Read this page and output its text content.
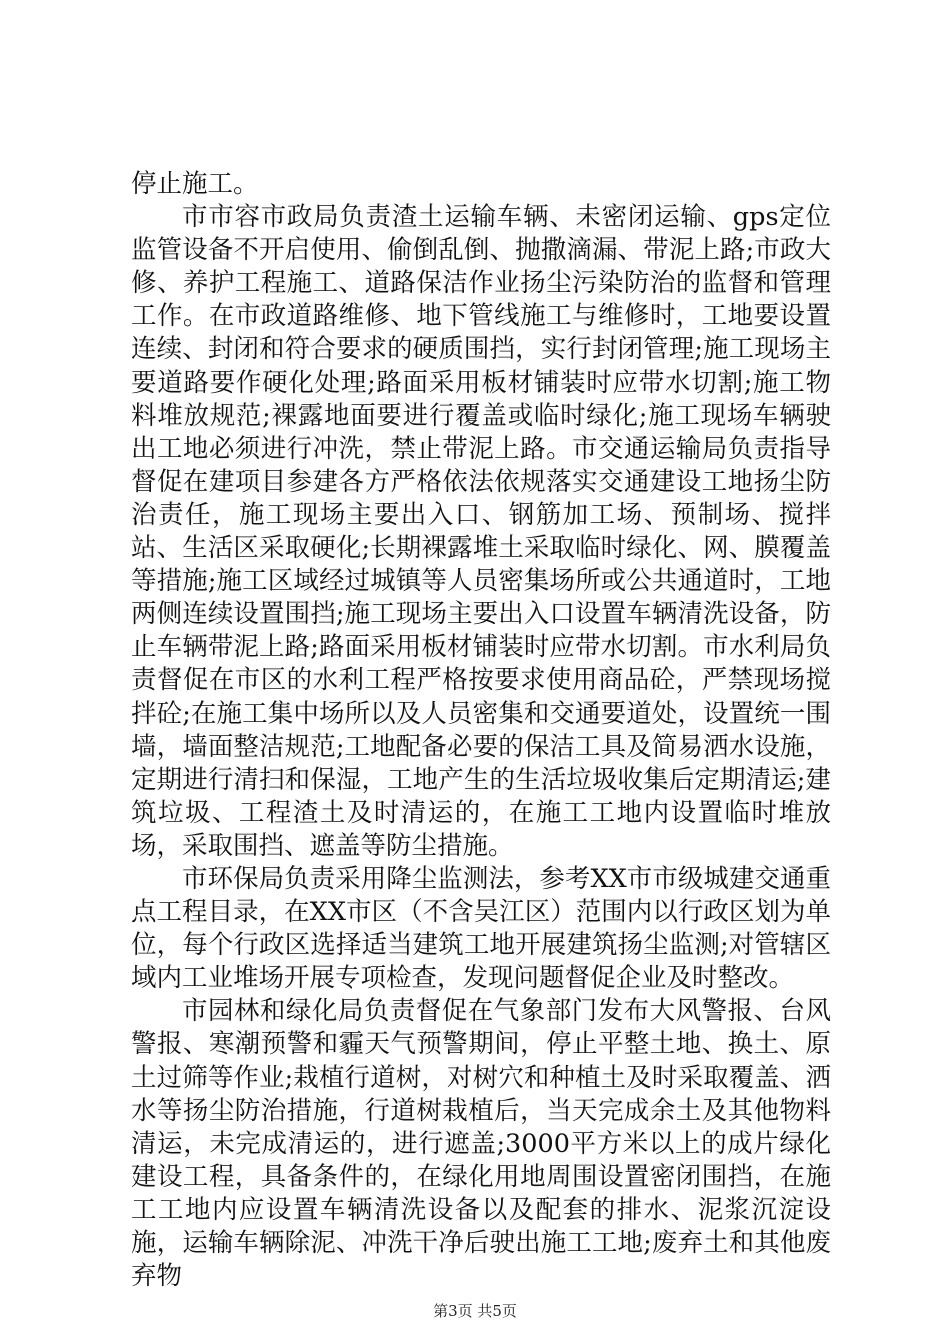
停止施工。

市市容市政局负责渣土运输车辆、未密闭运输、gps定位监管设备不开启使用、偷倒乱倒、抛撒滴漏、带泥上路;市政大修、养护工程施工、道路保洁作业扬尘污染防治的监督和管理工作。在市政道路维修、地下管线施工与维修时，工地要设置连续、封闭和符合要求的硬质围挡，实行封闭管理;施工现场主要道路要作硬化处理;路面采用板材铺装时应带水切割;施工物料堆放规范;裸露地面要进行覆盖或临时绿化;施工现场车辆驶出工地必须进行冲洗，禁止带泥上路。市交通运输局负责指导督促在建项目参建各方严格依法依规落实交通建设工地扬尘防治责任，施工现场主要出入口、钢筋加工场、预制场、搅拌站、生活区采取硬化;长期裸露堆土采取临时绿化、网、膜覆盖等措施;施工区域经过城镇等人员密集场所或公共通道时，工地两侧连续设置围挡;施工现场主要出入口设置车辆清洗设备，防止车辆带泥上路;路面采用板材铺装时应带水切割。市水利局负责督促在市区的水利工程严格按要求使用商品砼，严禁现场搅拌砼;在施工集中场所以及人员密集和交通要道处，设置统一围墙，墙面整洁规范;工地配备必要的保洁工具及简易洒水设施，定期进行清扫和保湿，工地产生的生活垃圾收集后定期清运;建筑垃圾、工程渣土及时清运的，在施工工地内设置临时堆放场，采取围挡、遮盖等防尘措施。

市环保局负责采用降尘监测法，参考XX市市级城建交通重点工程目录，在XX市区（不含吴江区）范围内以行政区划为单位，每个行政区选择适当建筑工地开展建筑扬尘监测;对管辖区域内工业堆场开展专项检查，发现问题督促企业及时整改。

市园林和绿化局负责督促在气象部门发布大风警报、台风警报、寒潮预警和霾天气预警期间，停止平整土地、换土、原土过筛等作业;栽植行道树，对树穴和种植土及时采取覆盖、洒水等扬尘防治措施，行道树栽植后，当天完成余土及其他物料清运，未完成清运的，进行遮盖;3000平方米以上的成片绿化建设工程，具备条件的，在绿化用地周围设置密闭围挡，在施工工地内应设置车辆清洗设备以及配套的排水、泥浆沉淀设施，运输车辆除泥、冲洗干净后驶出施工工地;废弃土和其他废弃物

第3页 共5页
